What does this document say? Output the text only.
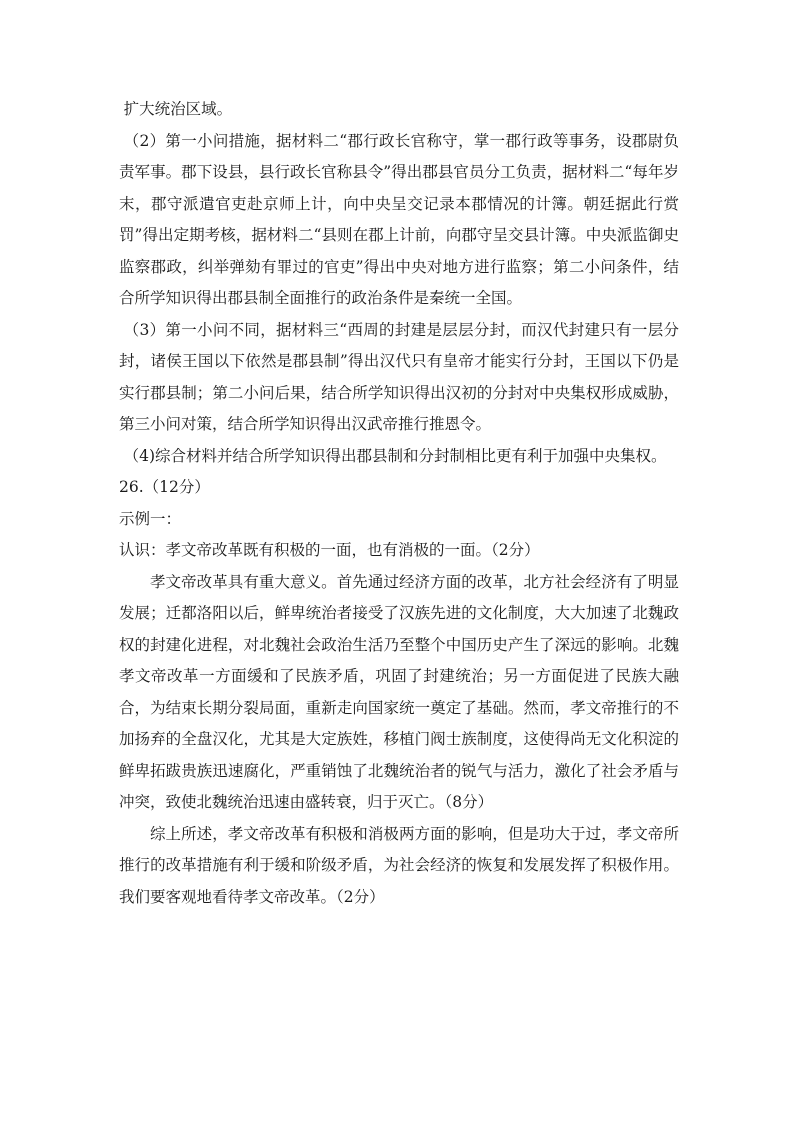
扩大统治区域。

（2）第一小问措施，据材料二“郡行政长官称守，掌一郡行政等事务，设郡尉负责军事。郡下设县，县行政长官称县令”得出郡县官员分工负责，据材料二“每年岁末，郡守派遣官吏赴京师上计，向中央呈交记录本郡情况的计簿。朝廷据此行赏罚”得出定期考核，据材料二“县则在郡上计前，向郡守呈交县计簿。中央派监御史监察郡政，纠举弹劾有罪过的官吏”得出中央对地方进行监察；第二小问条件，结合所学知识得出郡县制全面推行的政治条件是秦统一全国。

（3）第一小问不同，据材料三“西周的封建是层层分封，而汉代封建只有一层分封，诸侯王国以下依然是郡县制”得出汉代只有皇帝才能实行分封，王国以下仍是实行郡县制；第二小问后果，结合所学知识得出汉初的分封对中央集权形成威胁，第三小问对策，结合所学知识得出汉武帝推行推恩令。

（4)综合材料并结合所学知识得出郡县制和分封制相比更有利于加强中央集权。

26.（12分）

示例一：

认识：孝文帝改革既有积极的一面，也有消极的一面。（2分）

孝文帝改革具有重大意义。首先通过经济方面的改革，北方社会经济有了明显发展；迁都洛阳以后，鲜卑统治者接受了汉族先进的文化制度，大大加速了北魏政权的封建化进程，对北魏社会政治生活乃至整个中国历史产生了深远的影响。北魏孝文帝改革一方面缓和了民族矛盾，巩固了封建统治；另一方面促进了民族大融合，为结束长期分裂局面，重新走向国家统一奠定了基础。然而，孝文帝推行的不加扬弃的全盘汉化，尤其是大定族姓，移植门阀士族制度，这使得尚无文化积淀的鲜卑拓跋贵族迅速腐化，严重销蚀了北魏统治者的锐气与活力，激化了社会矛盾与冲突，致使北魏统治迅速由盛转衰，归于灭亡。（8分）

综上所述，孝文帝改革有积极和消极两方面的影响，但是功大于过，孝文帝所推行的改革措施有利于缓和阶级矛盾，为社会经济的恢复和发展发挥了积极作用。我们要客观地看待孝文帝改革。（2分）
